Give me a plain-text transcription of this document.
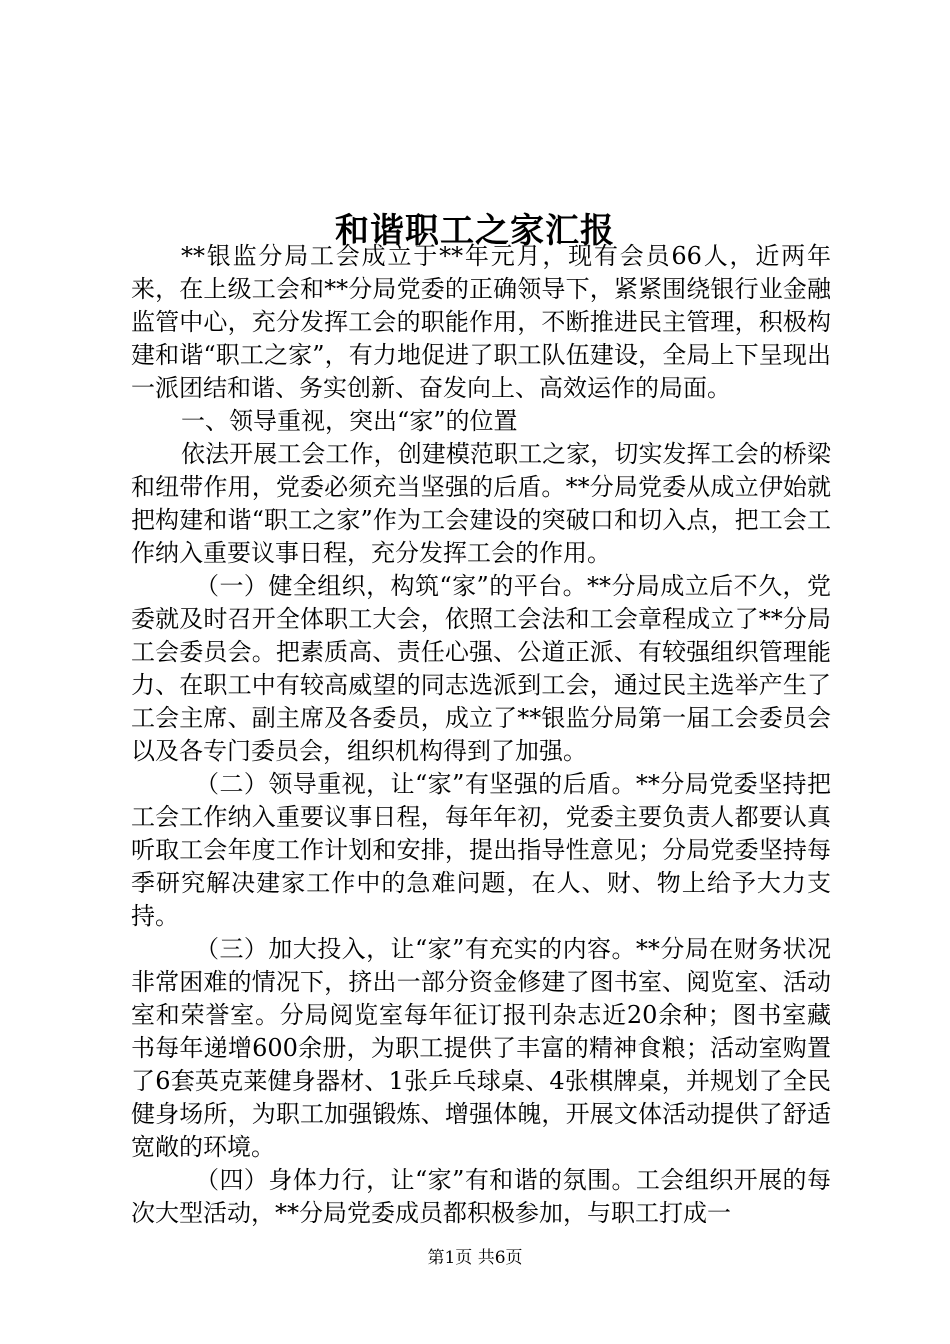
和谐职工之家汇报

**银监分局工会成立于**年元月，现有会员66人，近两年来，在上级工会和**分局党委的正确领导下，紧紧围绕银行业金融监管中心，充分发挥工会的职能作用，不断推进民主管理，积极构建和谐“职工之家”，有力地促进了职工队伍建设，全局上下呈现出一派团结和谐、务实创新、奋发向上、高效运作的局面。

一、领导重视，突出“家”的位置

依法开展工会工作，创建模范职工之家，切实发挥工会的桥梁和纽带作用，党委必须充当坚强的后盾。**分局党委从成立伊始就把构建和谐“职工之家”作为工会建设的突破口和切入点，把工会工作纳入重要议事日程，充分发挥工会的作用。

（一）健全组织，构筑“家”的平台。**分局成立后不久，党委就及时召开全体职工大会，依照工会法和工会章程成立了**分局工会委员会。把素质高、责任心强、公道正派、有较强组织管理能力、在职工中有较高威望的同志选派到工会，通过民主选举产生了工会主席、副主席及各委员，成立了**银监分局第一届工会委员会以及各专门委员会，组织机构得到了加强。

（二）领导重视，让“家”有坚强的后盾。**分局党委坚持把工会工作纳入重要议事日程，每年年初，党委主要负责人都要认真听取工会年度工作计划和安排，提出指导性意见；分局党委坚持每季研究解决建家工作中的急难问题，在人、财、物上给予大力支持。

（三）加大投入，让“家”有充实的内容。**分局在财务状况非常困难的情况下，挤出一部分资金修建了图书室、阅览室、活动室和荣誉室。分局阅览室每年征订报刊杂志近20余种；图书室藏书每年递增600余册，为职工提供了丰富的精神食粮；活动室购置了6套英克莱健身器材、1张乒乓球桌、4张棋牌桌，并规划了全民健身场所，为职工加强锻炼、增强体魄，开展文体活动提供了舒适宽敞的环境。

（四）身体力行，让“家”有和谐的氛围。工会组织开展的每次大型活动，**分局党委成员都积极参加，与职工打成一

第1页 共6页
